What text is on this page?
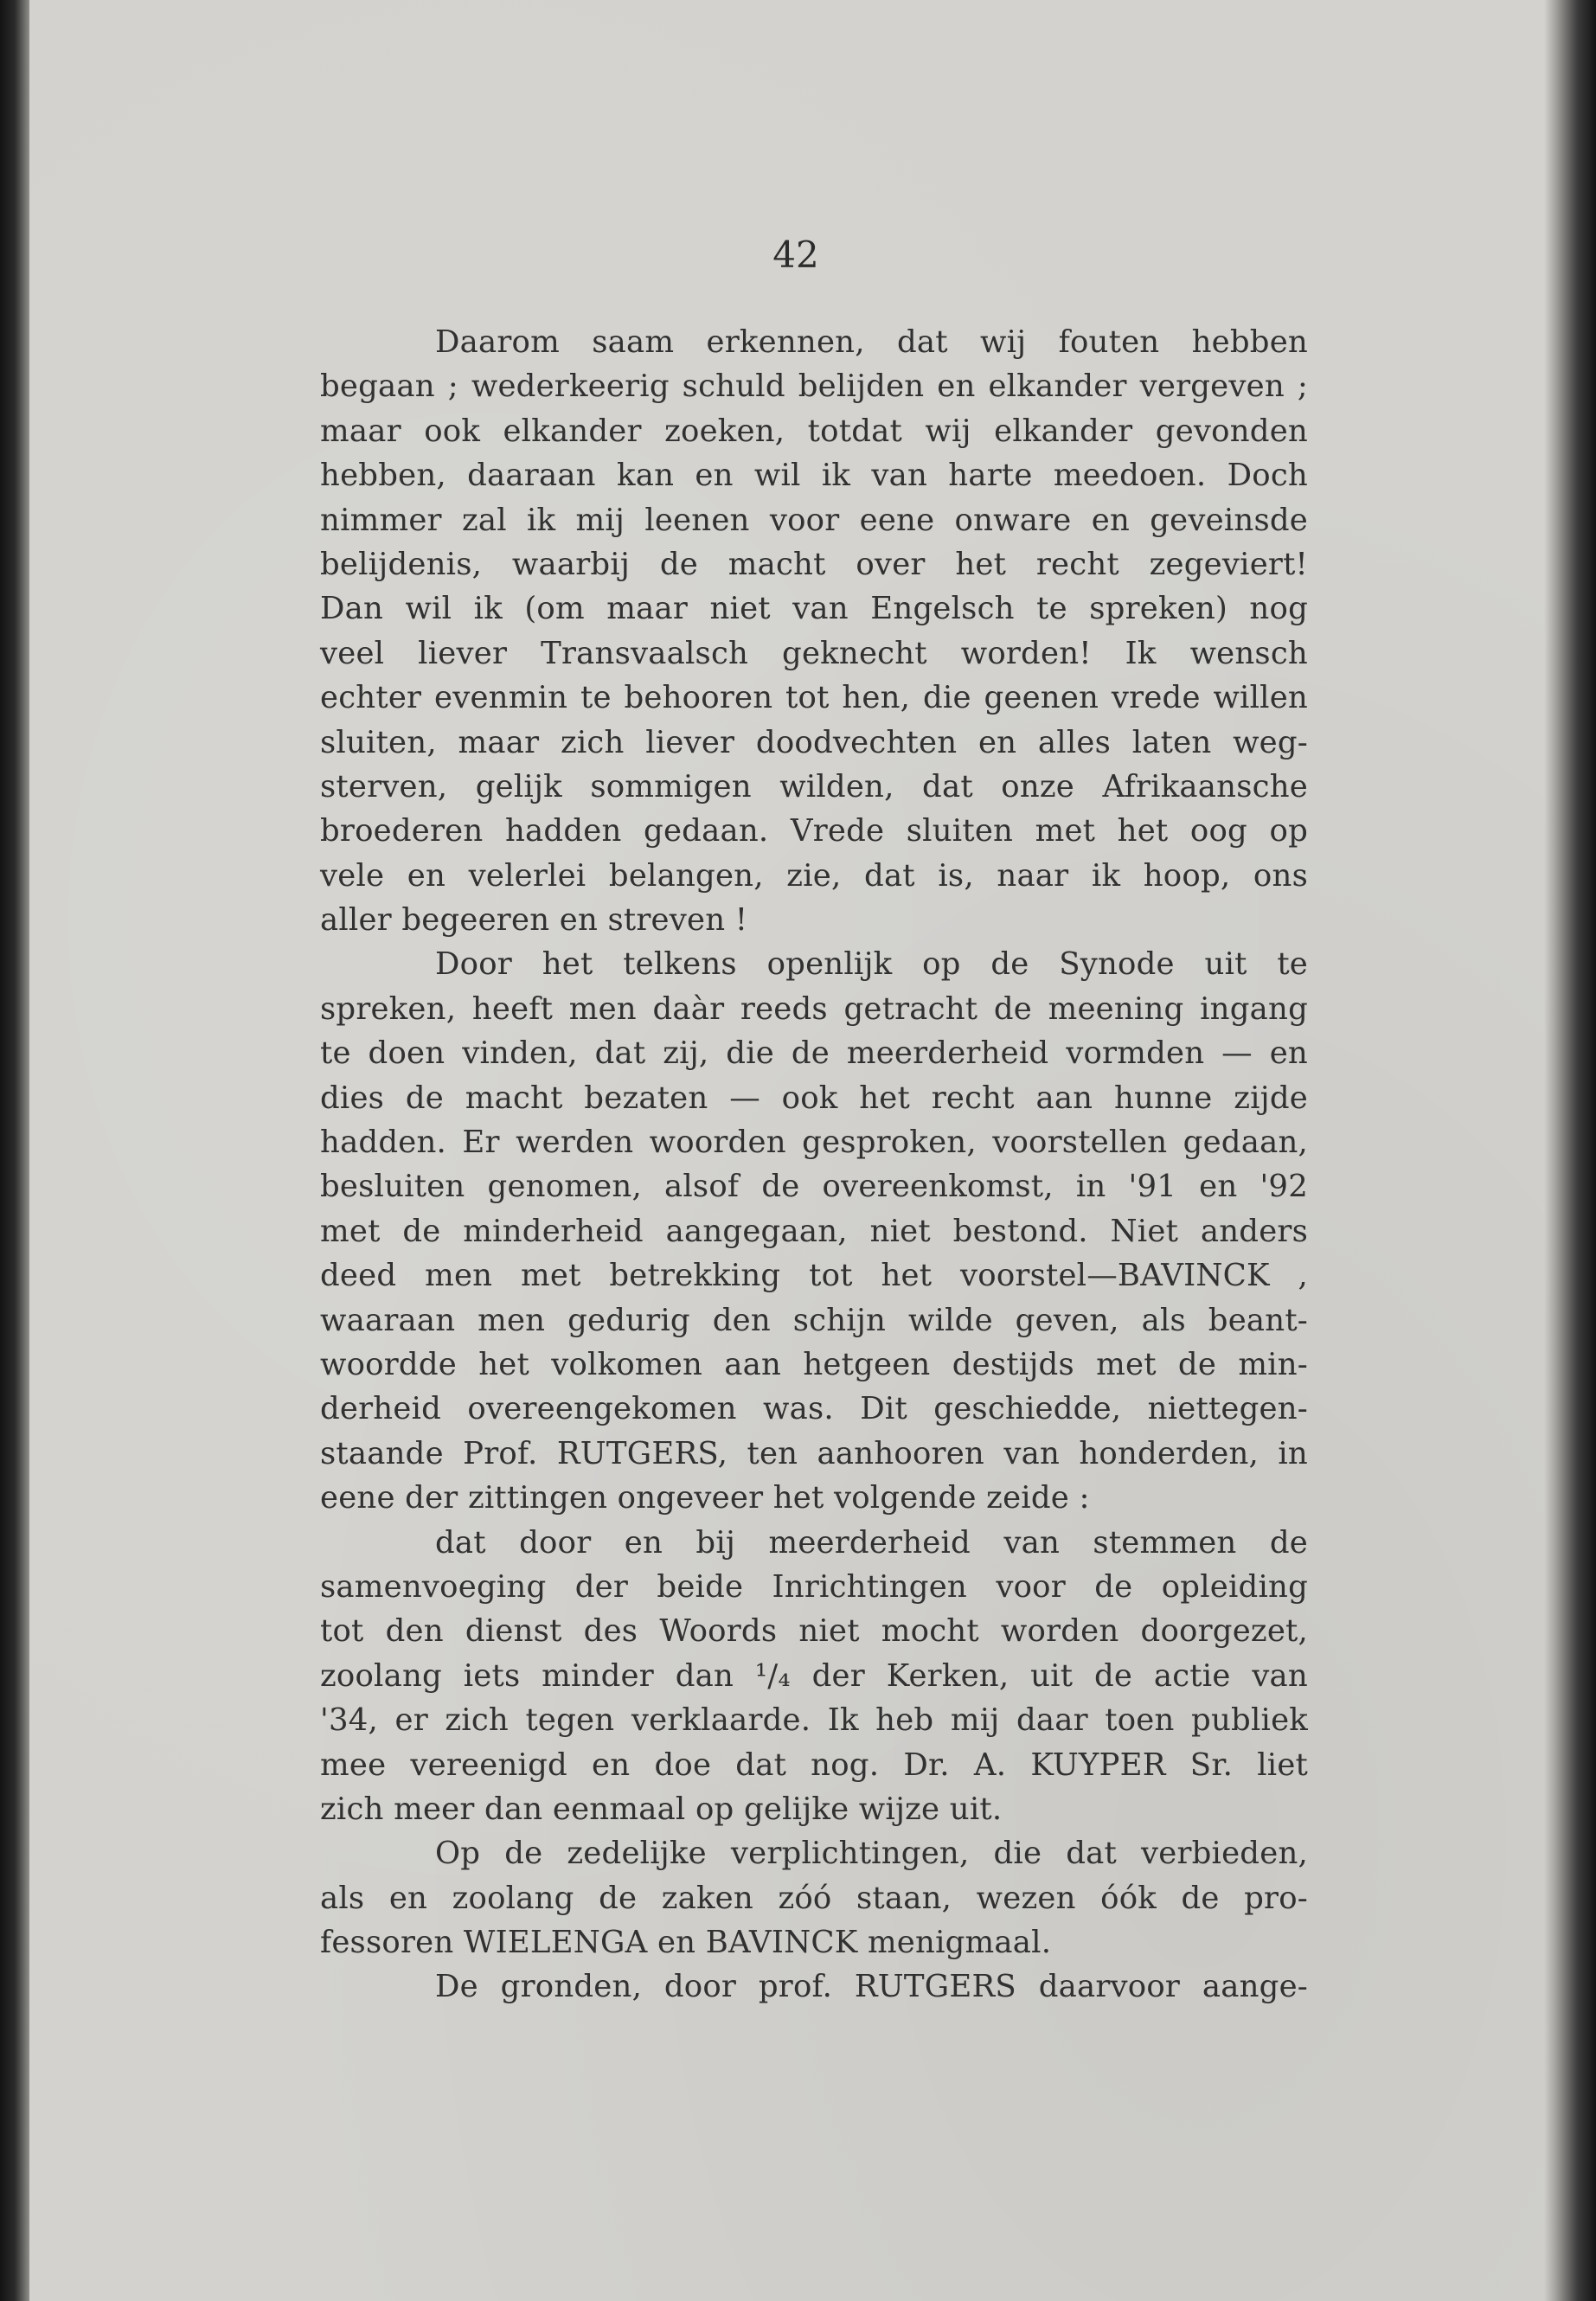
42
Daarom saam erkennen, dat wij fouten hebben
begaan ; wederkeerig schuld belijden en elkander vergeven ;
maar ook elkander zoeken, totdat wij elkander gevonden
hebben, daaraan kan en wil ik van harte meedoen. Doch
nimmer zal ik mij leenen voor eene onware en geveinsde
belijdenis, waarbij de macht over het recht zegeviert!
Dan wil ik (om maar niet van Engelsch te spreken) nog
veel liever Transvaalsch geknecht worden! Ik wensch
echter evenmin te behooren tot hen, die geenen vrede willen
sluiten, maar zich liever doodvechten en alles laten weg-
sterven, gelijk sommigen wilden, dat onze Afrikaansche
broederen hadden gedaan. Vrede sluiten met het oog op
vele en velerlei belangen, zie, dat is, naar ik hoop, ons
aller begeeren en streven !
Door het telkens openlijk op de Synode uit te
spreken, heeft men daàr reeds getracht de meening ingang
te doen vinden, dat zij, die de meerderheid vormden — en
dies de macht bezaten — ook het recht aan hunne zijde
hadden. Er werden woorden gesproken, voorstellen gedaan,
besluiten genomen, alsof de overeenkomst, in '91 en '92
met de minderheid aangegaan, niet bestond. Niet anders
deed men met betrekking tot het voorstel—BAVINCK ,
waaraan men gedurig den schijn wilde geven, als beant-
woordde het volkomen aan hetgeen destijds met de min-
derheid overeengekomen was. Dit geschiedde, niettegen-
staande Prof. RUTGERS, ten aanhooren van honderden, in
eene der zittingen ongeveer het volgende zeide :
dat door en bij meerderheid van stemmen de
samenvoeging der beide Inrichtingen voor de opleiding
tot den dienst des Woords niet mocht worden doorgezet,
zoolang iets minder dan ¹/₄ der Kerken, uit de actie van
'34, er zich tegen verklaarde. Ik heb mij daar toen publiek
mee vereenigd en doe dat nog. Dr. A. KUYPER Sr. liet
zich meer dan eenmaal op gelijke wijze uit.
Op de zedelijke verplichtingen, die dat verbieden,
als en zoolang de zaken zóó staan, wezen óók de pro-
fessoren WIELENGA en BAVINCK menigmaal.
De gronden, door prof. RUTGERS daarvoor aange-
